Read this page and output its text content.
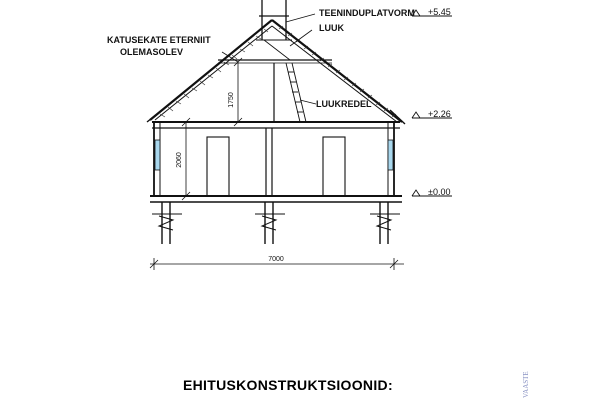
1750
2060
7000
+5.45
+2.26
±0.00
KATUSEKATE ETERNIIT
OLEMASOLEV
TEENINDUPLATVORM
LUUK
LUUKREDEL
EHITUSKONSTRUKTSIOONID:	VAASTE
